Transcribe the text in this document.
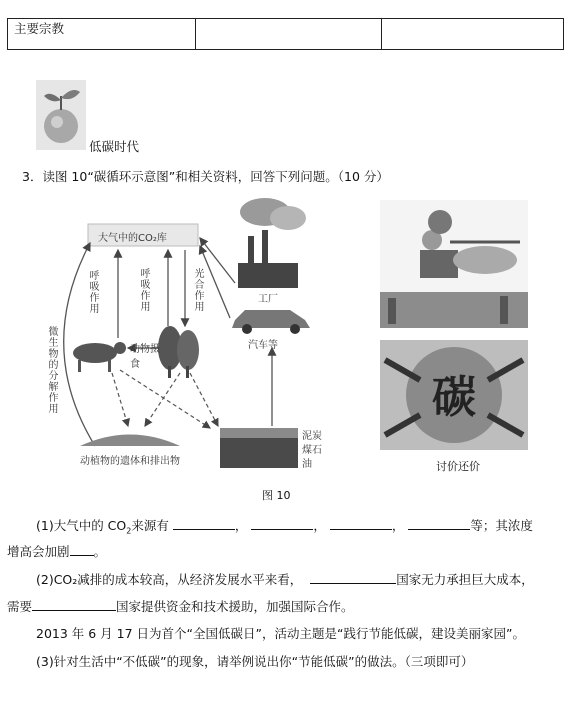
主要宗教		
低碳时代
3．读图 10“碳循环示意图”和相关资料，回答下列问题。（10 分）
大气中的CO₂库
呼吸作用	呼吸作用	光合作用
动物摄食
微生物的分解作用
动植物的遗体和排出物
泥炭煤石油
工厂
汽车等
碳
讨价还价
图 10
(1)大气中的 $CO_2$来源有	，	，	，	等；其浓度
增高会加剧 。
(2)CO₂减排的成本较高，从经济发展水平来看，	国家无力承担巨大成本，
需要	国家提供资金和技术援助，加强国际合作。
2013 年 6 月 17 日为首个“全国低碳日”，活动主题是“践行节能低碳，建设美丽家园”。
(3)针对生活中“不低碳”的现象，请举例说出你“节能低碳”的做法。（三项即可）
